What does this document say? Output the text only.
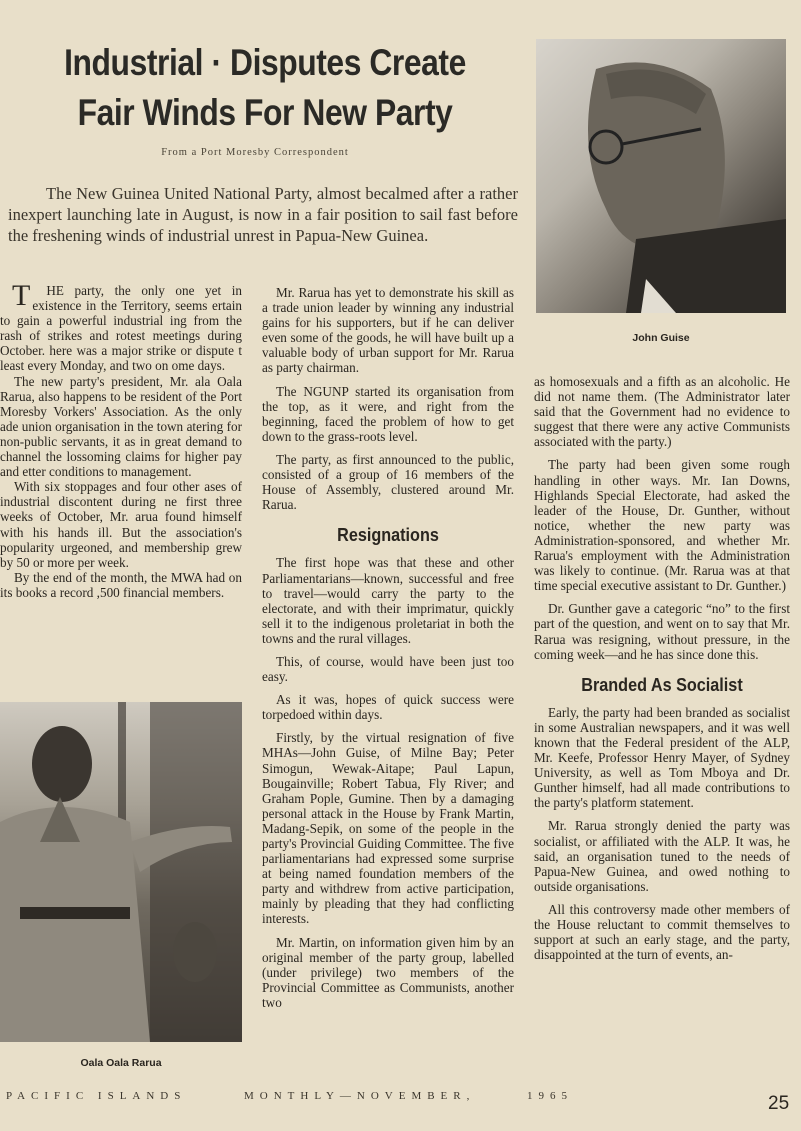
Industrial · Disputes Create
Fair Winds For New Party
From a Port Moresby Correspondent

The New Guinea United National Party, almost becalmed after a rather inexpert launching late in August, is now in a fair position to sail fast before the freshening winds of industrial unrest in Papua-New Guinea.

T HE party, the only one yet in existence in the Territory, seems ertain to gain a powerful industrial ing from the rash of strikes and rotest meetings during October. here was a major strike or dispute t least every Monday, and two on ome days.

The new party's president, Mr. ala Oala Rarua, also happens to be resident of the Port Moresby Vorkers' Association. As the only ade union organisation in the town atering for non-public servants, it as in great demand to channel the lossoming claims for higher pay and etter conditions to management.

With six stoppages and four other ases of industrial discontent during ne first three weeks of October, Mr. arua found himself with his hands ill. But the association's popularity urgeoned, and membership grew by 50 or more per week.

By the end of the month, the MWA had on its books a record ,500 financial members.

Oala Oala Rarua

Mr. Rarua has yet to demonstrate his skill as a trade union leader by winning any industrial gains for his supporters, but if he can deliver even some of the goods, he will have built up a valuable body of urban support for Mr. Rarua as party chairman.

The NGUNP started its organisation from the top, as it were, and right from the beginning, faced the problem of how to get down to the grass-roots level.

The party, as first announced to the public, consisted of a group of 16 members of the House of Assembly, clustered around Mr. Rarua.

Resignations

The first hope was that these and other Parliamentarians—known, successful and free to travel—would carry the party to the electorate, and with their imprimatur, quickly sell it to the indigenous proletariat in both the towns and the rural villages.

This, of course, would have been just too easy.

As it was, hopes of quick success were torpedoed within days.

Firstly, by the virtual resignation of five MHAs—John Guise, of Milne Bay; Peter Simogun, Wewak-Aitape; Paul Lapun, Bougainville; Robert Tabua, Fly River; and Graham Pople, Gumine. Then by a damaging personal attack in the House by Frank Martin, Madang-Sepik, on some of the people in the party's Provincial Guiding Committee. The five parliamentarians had expressed some surprise at being named foundation members of the party and withdrew from active participation, mainly by pleading that they had conflicting interests.

Mr. Martin, on information given him by an original member of the party group, labelled (under privilege) two members of the Provincial Committee as Communists, another two

John Guise

as homosexuals and a fifth as an alcoholic. He did not name them. (The Administrator later said that the Government had no evidence to suggest that there were any active Communists associated with the party.)

The party had been given some rough handling in other ways. Mr. Ian Downs, Highlands Special Electorate, had asked the leader of the House, Dr. Gunther, without notice, whether the new party was Administration-sponsored, and whether Mr. Rarua's employment with the Administration was likely to continue. (Mr. Rarua was at that time special executive assistant to Dr. Gunther.)

Dr. Gunther gave a categoric “no” to the first part of the question, and went on to say that Mr. Rarua was resigning, without pressure, in the coming week—and he has since done this.

Branded As Socialist

Early, the party had been branded as socialist in some Australian newspapers, and it was well known that the Federal president of the ALP, Mr. Keefe, Professor Henry Mayer, of Sydney University, as well as Tom Mboya and Dr. Gunther himself, had all made contributions to the party's platform statement.

Mr. Rarua strongly denied the party was socialist, or affiliated with the ALP. It was, he said, an organisation tuned to the needs of Papua-New Guinea, and owed nothing to outside organisations.

All this controversy made other members of the House reluctant to commit themselves to support at such an early stage, and the party, disappointed at the turn of events, an-

PACIFIC ISLANDS	MONTHLY—NOVEMBER,	1965	25
